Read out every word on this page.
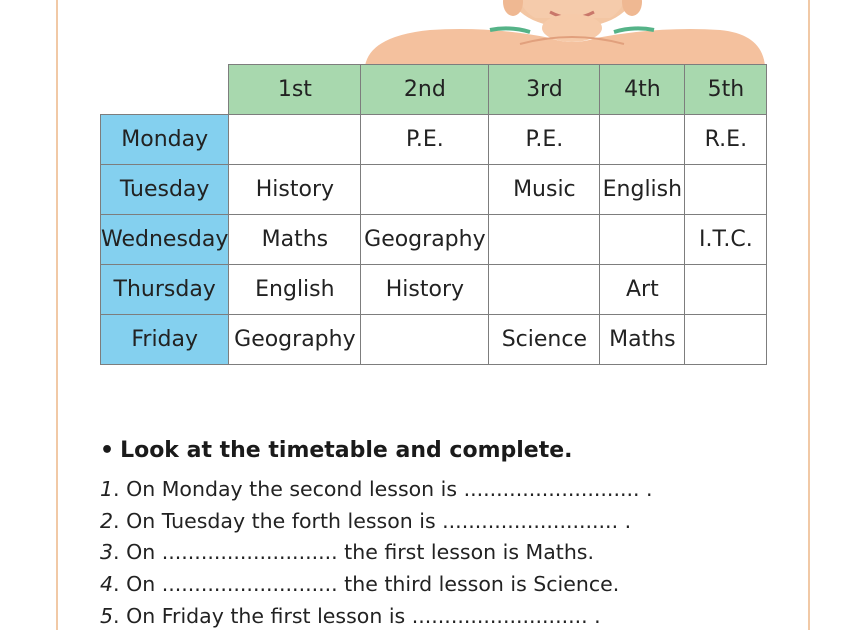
	1st	2nd	3rd	4th	5th
Monday		P.E.	P.E.		R.E.
Tuesday	History		Music	English	
Wednesday	Maths	Geography			I.T.C.
Thursday	English	History		Art	
Friday	Geography		Science	Maths	
• Look at the timetable and complete.
1. On Monday the second lesson is ........................... .
2. On Tuesday the forth lesson is ........................... .
3. On ........................... the first lesson is Maths.
4. On ........................... the third lesson is Science.
5. On Friday the first lesson is ........................... .
